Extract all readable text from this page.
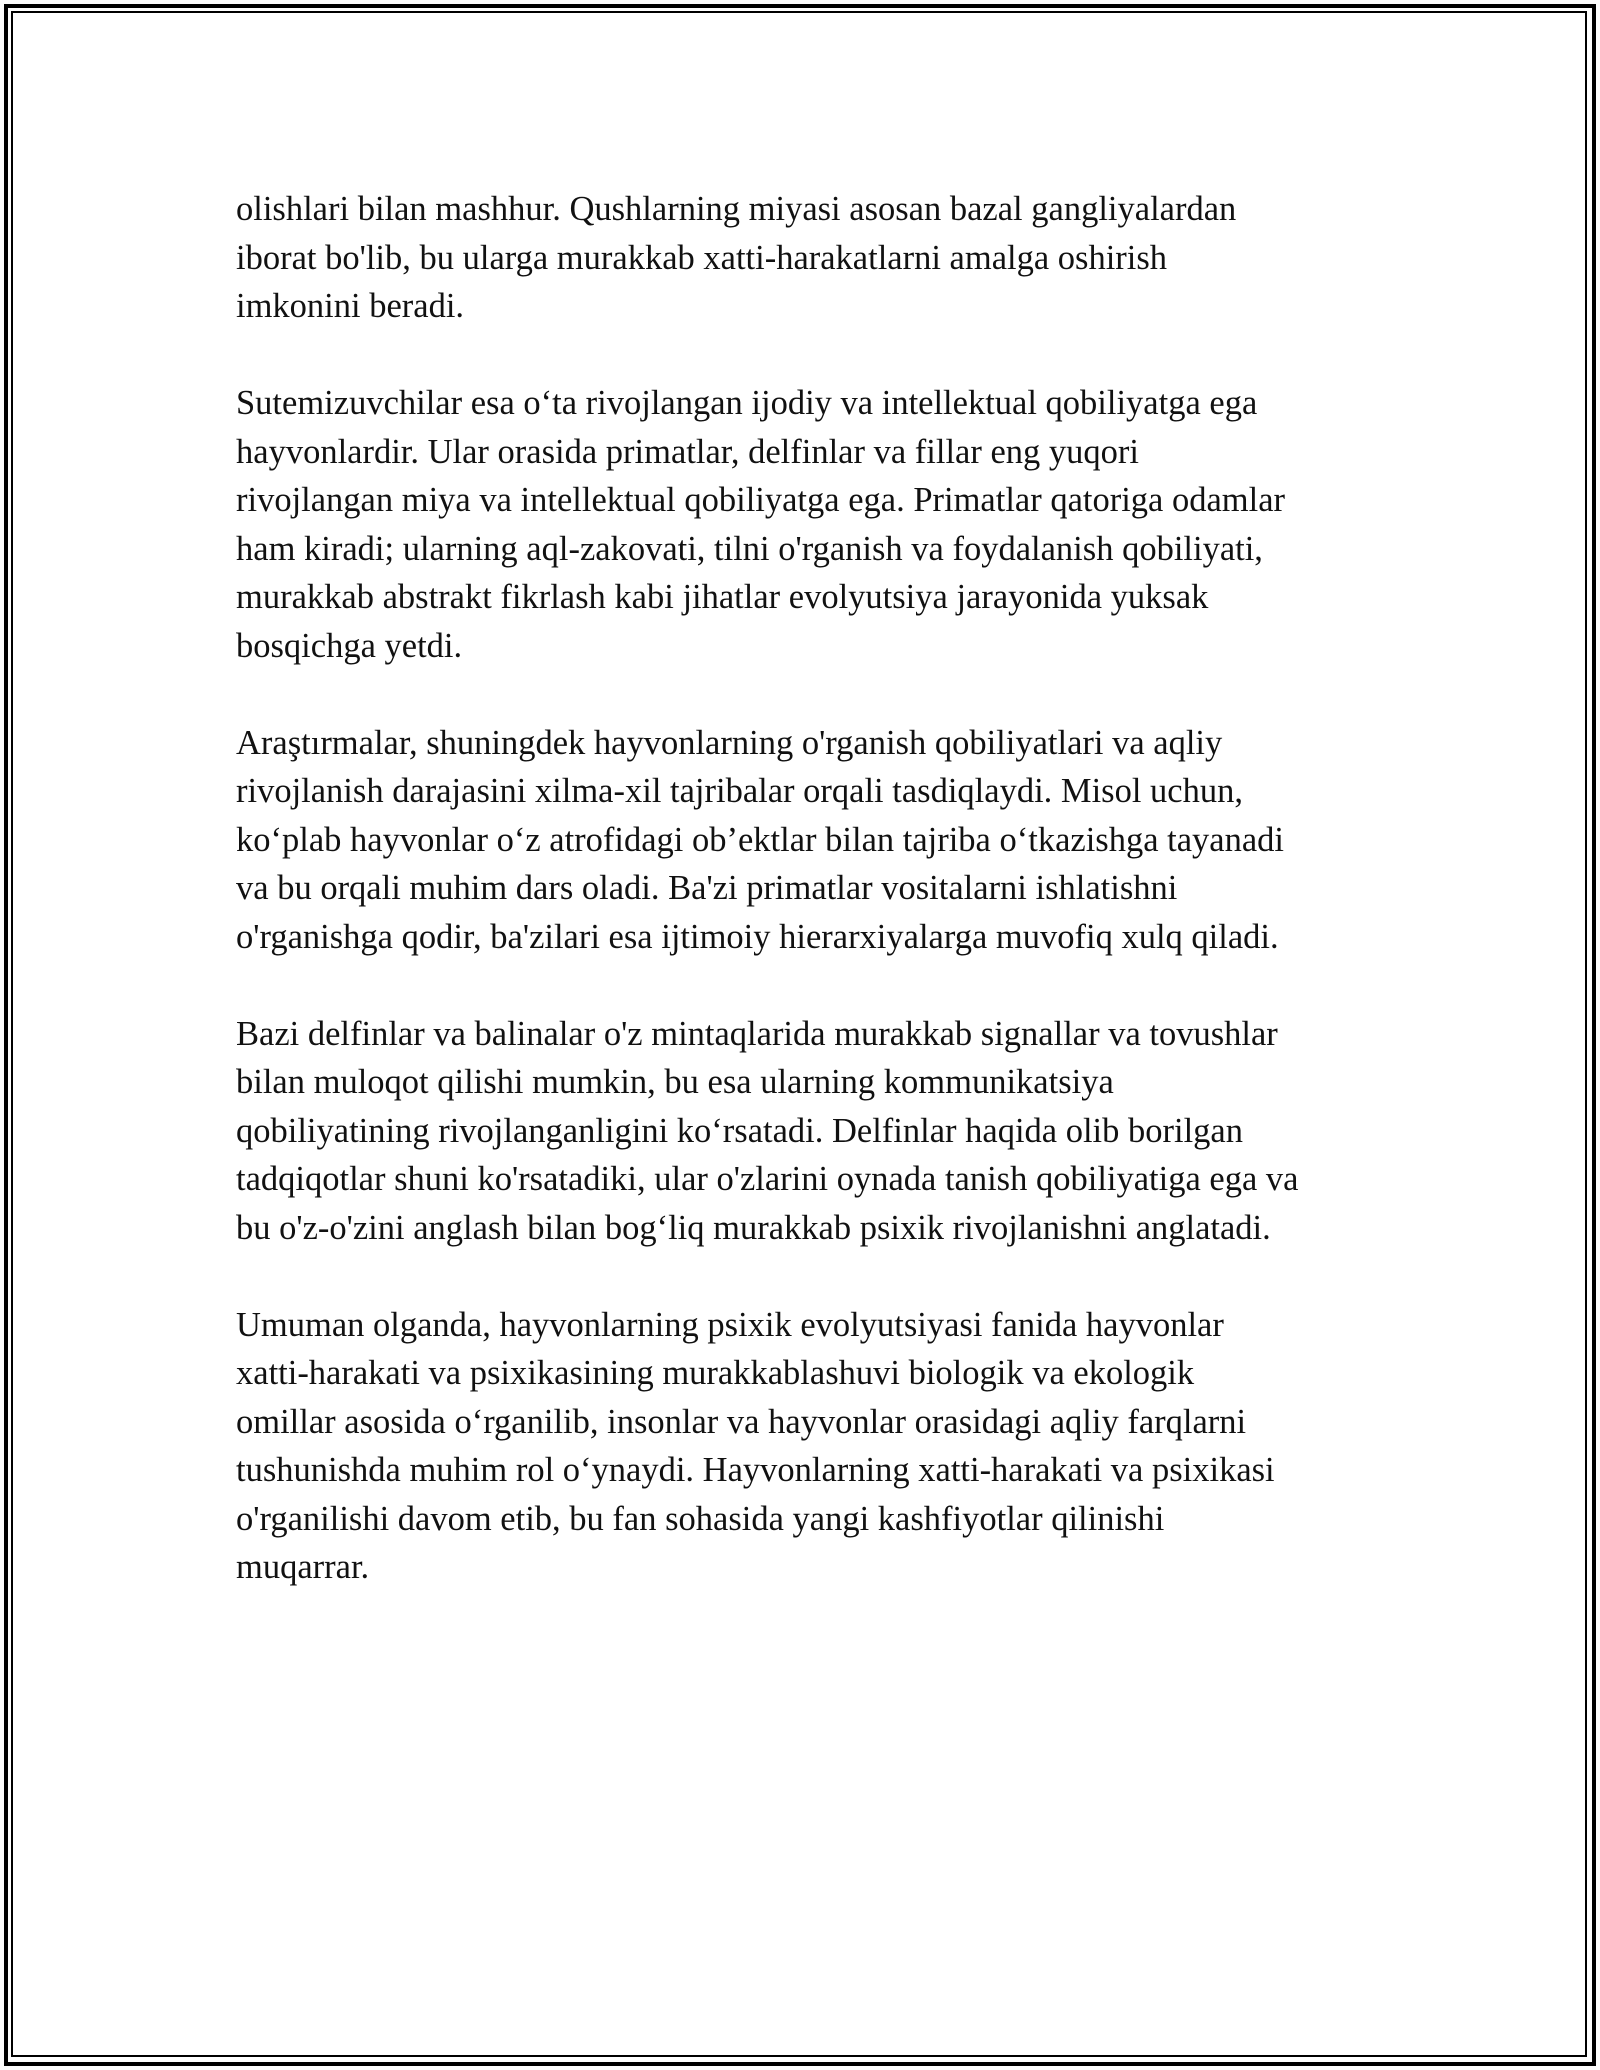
olishlari bilan mashhur. Qushlarning miyasi asosan bazal gangliyalardan
iborat bo'lib, bu ularga murakkab xatti-harakatlarni amalga oshirish
imkonini beradi.

Sutemizuvchilar esa o‘ta rivojlangan ijodiy va intellektual qobiliyatga ega
hayvonlardir. Ular orasida primatlar, delfinlar va fillar eng yuqori
rivojlangan miya va intellektual qobiliyatga ega. Primatlar qatoriga odamlar
ham kiradi; ularning aql-zakovati, tilni o'rganish va foydalanish qobiliyati,
murakkab abstrakt fikrlash kabi jihatlar evolyutsiya jarayonida yuksak
bosqichga yetdi.

Araştırmalar, shuningdek hayvonlarning o'rganish qobiliyatlari va aqliy
rivojlanish darajasini xilma-xil tajribalar orqali tasdiqlaydi. Misol uchun,
ko‘plab hayvonlar o‘z atrofidagi ob’ektlar bilan tajriba o‘tkazishga tayanadi
va bu orqali muhim dars oladi. Ba'zi primatlar vositalarni ishlatishni
o'rganishga qodir, ba'zilari esa ijtimoiy hierarxiyalarga muvofiq xulq qiladi.

Bazi delfinlar va balinalar o'z mintaqlarida murakkab signallar va tovushlar
bilan muloqot qilishi mumkin, bu esa ularning kommunikatsiya
qobiliyatining rivojlanganligini ko‘rsatadi. Delfinlar haqida olib borilgan
tadqiqotlar shuni ko'rsatadiki, ular o'zlarini oynada tanish qobiliyatiga ega va
bu o'z-o'zini anglash bilan bog‘liq murakkab psixik rivojlanishni anglatadi.

Umuman olganda, hayvonlarning psixik evolyutsiyasi fanida hayvonlar
xatti-harakati va psixikasining murakkablashuvi biologik va ekologik
omillar asosida o‘rganilib, insonlar va hayvonlar orasidagi aqliy farqlarni
tushunishda muhim rol o‘ynaydi. Hayvonlarning xatti-harakati va psixikasi
o'rganilishi davom etib, bu fan sohasida yangi kashfiyotlar qilinishi
muqarrar.
